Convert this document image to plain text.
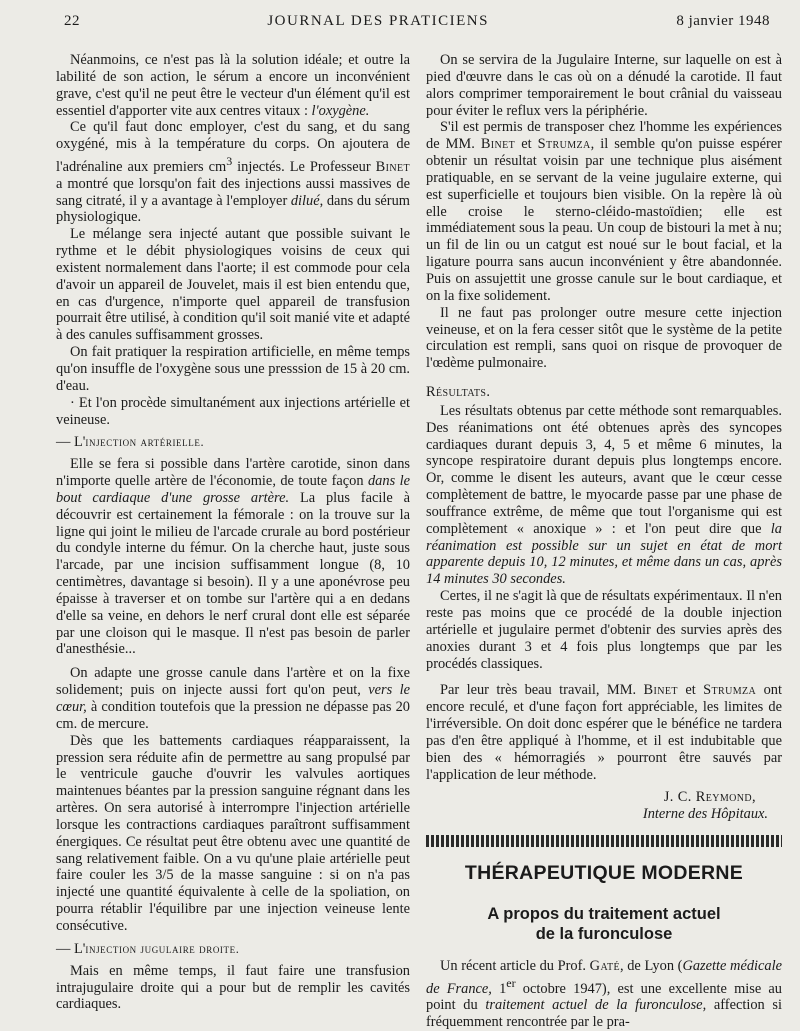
22	JOURNAL DES PRATICIENS	8 janvier 1948

Néanmoins, ce n'est pas là la solution idéale; et outre la labilité de son action, le sérum a encore un inconvénient grave, c'est qu'il ne peut être le vecteur d'un élément qu'il est essentiel d'apporter vite aux centres vitaux : l'oxygène.

Ce qu'il faut donc employer, c'est du sang, et du sang oxygéné, mis à la température du corps. On ajoutera de l'adrénaline aux premiers $cm^3$ injectés. Le Professeur Binet a montré que lorsqu'on fait des injections aussi massives de sang citraté, il y a avantage à l'employer dilué, dans du sérum physiologique.

Le mélange sera injecté autant que possible suivant le rythme et le débit physiologiques voisins de ceux qui existent normalement dans l'aorte; il est commode pour cela d'avoir un appareil de Jouvelet, mais il est bien entendu que, en cas d'urgence, n'importe quel appareil de transfusion pourrait être utilisé, à condition qu'il soit manié vite et adapté à des canules suffisamment grosses.

On fait pratiquer la respiration artificielle, en même temps qu'on insuffle de l'oxygène sous une presssion de 15 à 20 cm. d'eau.

· Et l'on procède simultanément aux injections artérielle et veineuse.

— L'injection artérielle.

Elle se fera si possible dans l'artère carotide, sinon dans n'importe quelle artère de l'économie, de toute façon dans le bout cardiaque d'une grosse artère. La plus facile à découvrir est certainement la fémorale : on la trouve sur la ligne qui joint le milieu de l'arcade crurale au bord postérieur du condyle interne du fémur. On la cherche haut, juste sous l'arcade, par une incision suffisamment longue (8, 10 centimètres, davantage si besoin). Il y a une aponévrose peu épaisse à traverser et on tombe sur l'artère qui a en dedans d'elle sa veine, en dehors le nerf crural dont elle est séparée par une cloison qui le masque. Il n'est pas besoin de parler d'anesthésie...

On adapte une grosse canule dans l'artère et on la fixe solidement; puis on injecte aussi fort qu'on peut, vers le cœur, à condition toutefois que la pression ne dépasse pas 20 cm. de mercure.

Dès que les battements cardiaques réapparaissent, la pression sera réduite afin de permettre au sang propulsé par le ventricule gauche d'ouvrir les valvules aortiques maintenues béantes par la pression sanguine régnant dans les artères. On sera autorisé à interrompre l'injection artérielle lorsque les contractions cardiaques paraîtront suffisamment énergiques. Ce résultat peut être obtenu avec une quantité de sang relativement faible. On a vu qu'une plaie artérielle peut faire couler les 3/5 de la masse sanguine : si on n'a pas injecté une quantité équivalente à celle de la spoliation, on pourra rétablir l'équilibre par une injection veineuse lente consécutive.

— L'injection jugulaire droite.

Mais en même temps, il faut faire une transfusion intrajugulaire droite qui a pour but de remplir les cavités cardiaques.

On se servira de la Jugulaire Interne, sur laquelle on est à pied d'œuvre dans le cas où on a dénudé la carotide. Il faut alors comprimer temporairement le bout crânial du vaisseau pour éviter le reflux vers la périphérie.

S'il est permis de transposer chez l'homme les expériences de MM. Binet et Strumza, il semble qu'on puisse espérer obtenir un résultat voisin par une technique plus aisément pratiquable, en se servant de la veine jugulaire externe, qui est superficielle et toujours bien visible. On la repère là où elle croise le sterno-cléido-mastoïdien; elle est immédiatement sous la peau. Un coup de bistouri la met à nu; un fil de lin ou un catgut est noué sur le bout facial, et la ligature pourra sans aucun inconvénient y être abandonnée. Puis on assujettit une grosse canule sur le bout cardiaque, et on la fixe solidement.

Il ne faut pas prolonger outre mesure cette injection veineuse, et on la fera cesser sitôt que le système de la petite circulation est rempli, sans quoi on risque de provoquer de l'œdème pulmonaire.

Résultats.

Les résultats obtenus par cette méthode sont remarquables. Des réanimations ont été obtenues après des syncopes cardiaques durant depuis 3, 4, 5 et même 6 minutes, la syncope respiratoire durant depuis plus longtemps encore. Or, comme le disent les auteurs, avant que le cœur cesse complètement de battre, le myocarde passe par une phase de souffrance extrême, de même que tout l'organisme qui est complètement « anoxique » : et l'on peut dire que la réanimation est possible sur un sujet en état de mort apparente depuis 10, 12 minutes, et même dans un cas, après 14 minutes 30 secondes.

Certes, il ne s'agit là que de résultats expérimentaux. Il n'en reste pas moins que ce procédé de la double injection artérielle et jugulaire permet d'obtenir des survies après des anoxies durant 3 et 4 fois plus longtemps que par les procédés classiques.

Par leur très beau travail, MM. Binet et Strumza ont encore reculé, et d'une façon fort appréciable, les limites de l'irréversible. On doit donc espérer que le bénéfice ne tardera pas d'en être appliqué à l'homme, et il est indubitable que bien des « hémorragiés » pourront être sauvés par l'application de leur méthode.

J. C. Reymond,
Interne des Hôpitaux.
THÉRAPEUTIQUE MODERNE
A propos du traitement actuel
de la furonculose

Un récent article du Prof. Gaté, de Lyon (Gazette médicale de France, 1er octobre 1947), est une excellente mise au point du traitement actuel de la furonculose, affection si fréquemment rencontrée par le pra-
